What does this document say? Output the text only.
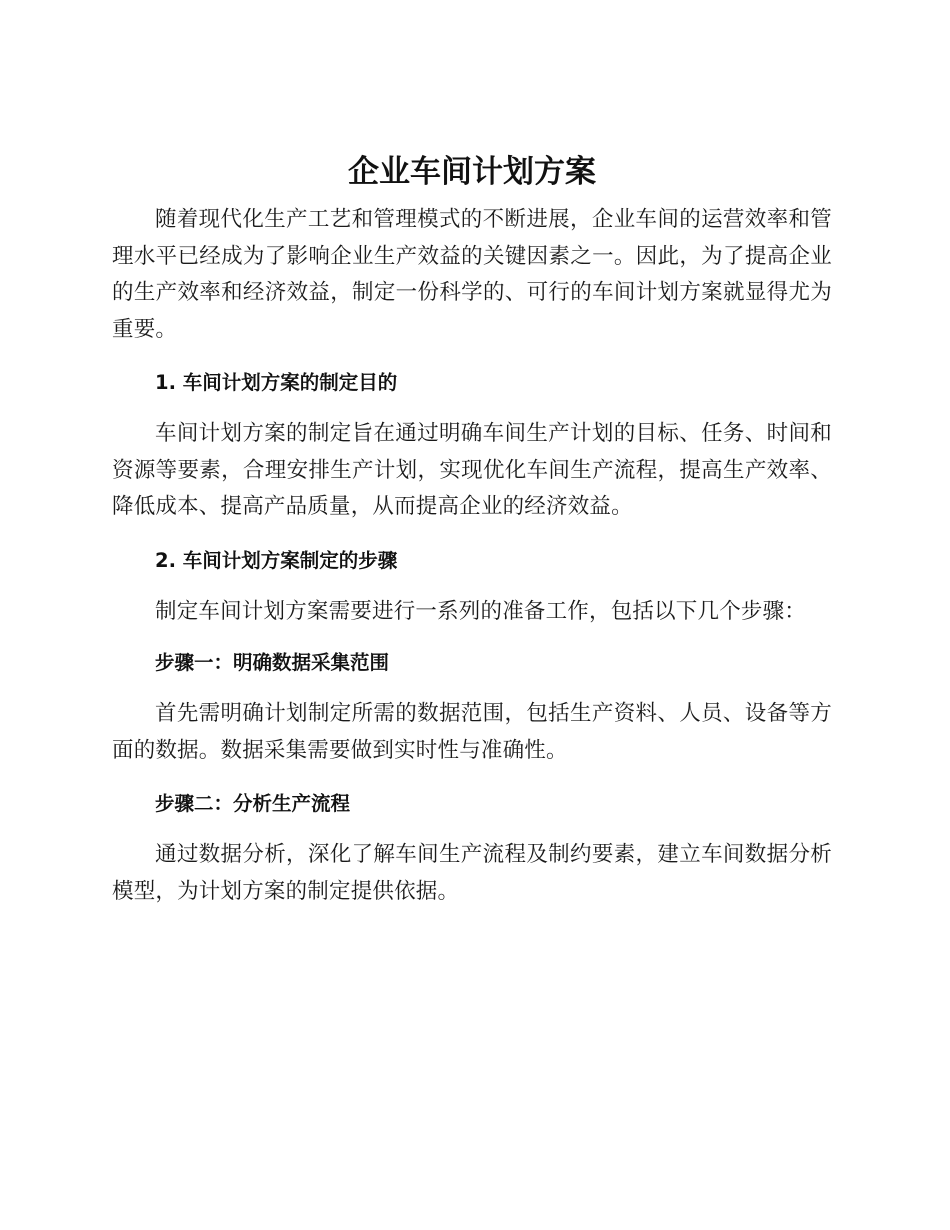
企业车间计划方案

随着现代化生产工艺和管理模式的不断进展，企业车间的运营效率和管理水平已经成为了影响企业生产效益的关键因素之一。因此，为了提高企业的生产效率和经济效益，制定一份科学的、可行的车间计划方案就显得尤为重要。

1. 车间计划方案的制定目的

车间计划方案的制定旨在通过明确车间生产计划的目标、任务、时间和资源等要素，合理安排生产计划，实现优化车间生产流程，提高生产效率、降低成本、提高产品质量，从而提高企业的经济效益。

2. 车间计划方案制定的步骤

制定车间计划方案需要进行一系列的准备工作，包括以下几个步骤：

步骤一：明确数据采集范围

首先需明确计划制定所需的数据范围，包括生产资料、人员、设备等方面的数据。数据采集需要做到实时性与准确性。

步骤二：分析生产流程

通过数据分析，深化了解车间生产流程及制约要素，建立车间数据分析模型，为计划方案的制定提供依据。
